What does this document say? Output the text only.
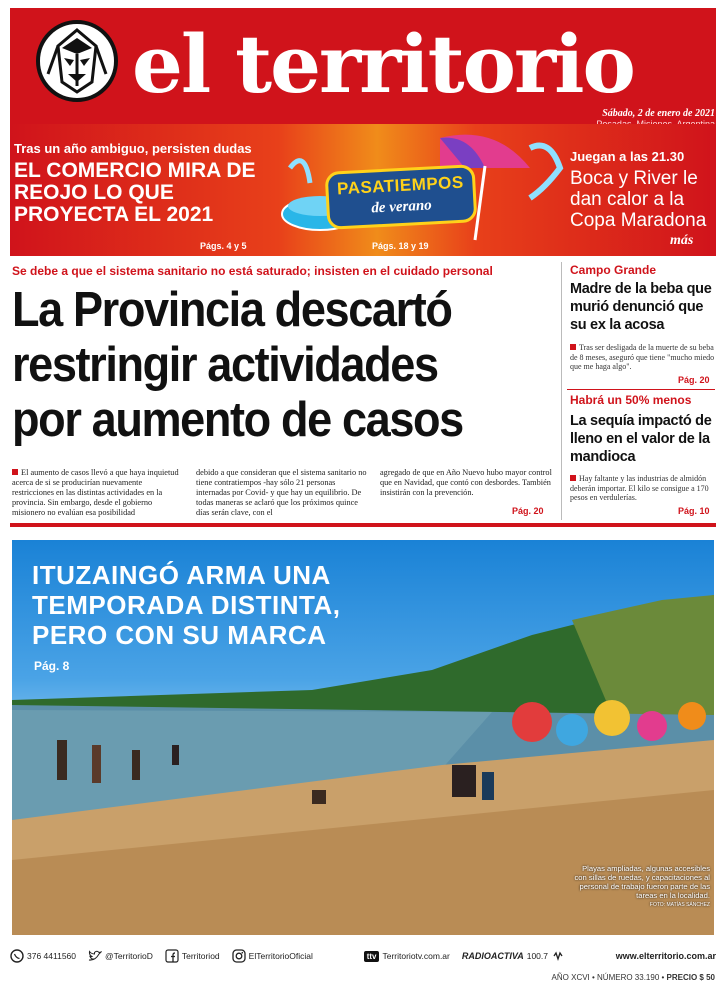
el territorio
Sábado, 2 de enero de 2021
Tras un año ambiguo, persisten dudas
EL COMERCIO MIRA DE REOJO LO QUE PROYECTA EL 2021
Págs. 4 y 5
PASATIEMPOS
de verano
Págs. 18 y 19
Juegan a las 21.30
Boca y River le dan calor a la Copa Maradona
más
Se debe a que el sistema sanitario no está saturado; insisten en el cuidado personal
La Provincia descartó restringir actividades por aumento de casos

El aumento de casos llevó a que haya inquietud acerca de si se producirían nuevamente restricciones en las distintas actividades en la provincia. Sin embargo, desde el gobierno misionero no evalúan esa posibilidad

debido a que consideran que el sistema sanitario no tiene contratiempos -hay sólo 21 personas internadas por Covid- y que hay un equilibrio. De todas maneras se aclaró que los próximos quince días serán clave, con el

agregado de que en Año Nuevo hubo mayor control que en Navidad, que contó con desbordes. También insistirán con la prevención.

Pág. 20
Campo Grande
Madre de la beba que murió denunció que su ex la acosa
Tras ser desligada de la muerte de su beba de 8 meses, aseguró que tiene "mucho miedo que me haga algo".
Pág. 20
Habrá un 50% menos
La sequía impactó de lleno en el valor de la mandioca
Hay faltante y las industrias de almidón deberán importar. El kilo se consigue a 170 pesos en verdulerías.
Pág. 10
ITUZAINGÓ ARMA UNA
TEMPORADA DISTINTA,
PERO CON SU MARCA
Pág. 8
Playas ampliadas, algunas accesibles con sillas de ruedas, y capacitaciones al personal de trabajo fueron parte de las tareas en la localidad.
FOTO: MATÍAS SÁNCHEZ
376 4411560	@TerritorioD	Territoriod	ElTerritorioOficial	ttv Territoriotv.com.ar RADIOACTIVA 100.7	www.elterritorio.com.ar
AÑO XCVI • NÚMERO 33.190 • PRECIO $ 50
